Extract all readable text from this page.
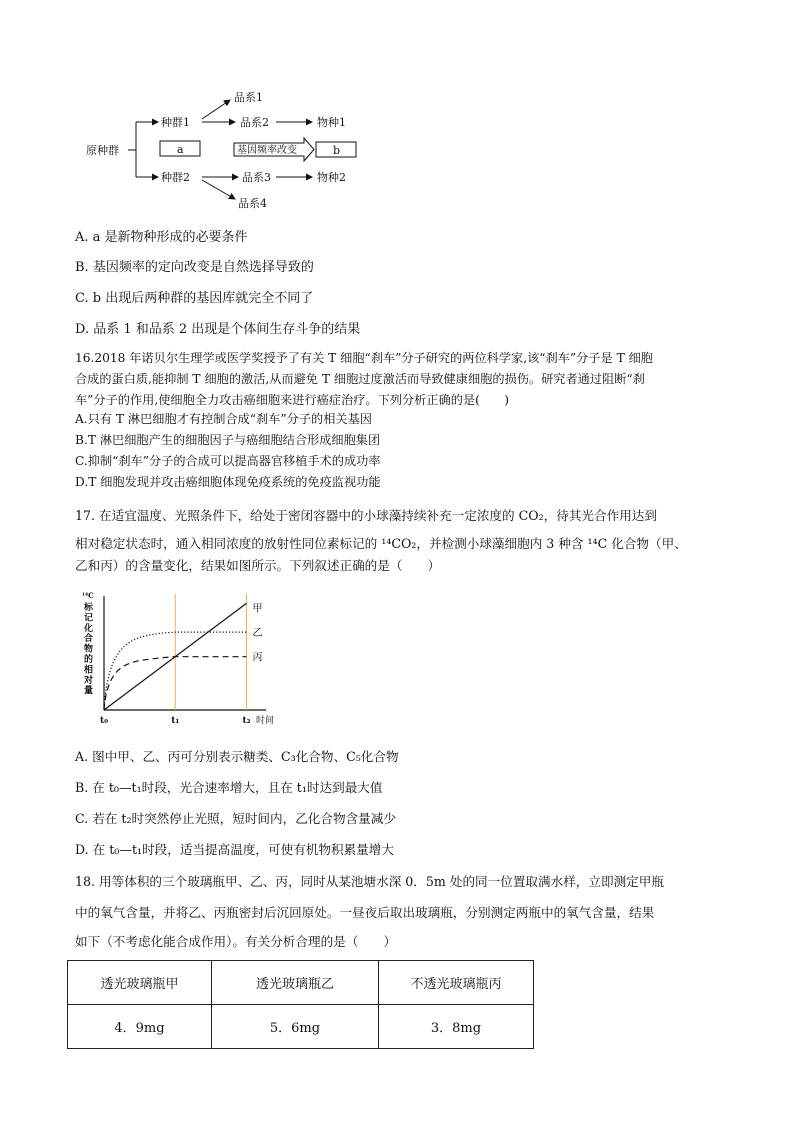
原种群
种群1
种群2
a	b
基因频率改变
品系1
品系2
品系3
品系4
物种1
物种2
A. a 是新物种形成的必要条件
B. 基因频率的定向改变是自然选择导致的
C. b 出现后两种群的基因库就完全不同了
D. 品系 1 和品系 2 出现是个体间生存斗争的结果
16.2018 年诺贝尔生理学或医学奖授予了有关 T 细胞“刹车”分子研究的两位科学家,该“刹车”分子是 T 细胞
合成的蛋白质,能抑制 T 细胞的激活,从而避免 T 细胞过度激活而导致健康细胞的损伤。研究者通过阻断“刹
车”分子的作用,使细胞全力攻击癌细胞来进行癌症治疗。下列分析正确的是(　　)
A.只有 T 淋巴细胞才有控制合成“刹车”分子的相关基因
B.T 淋巴细胞产生的细胞因子与癌细胞结合形成细胞集团
C.抑制“刹车”分子的合成可以提高器官移植手术的成功率
D.T 细胞发现并攻击癌细胞体现免疫系统的免疫监视功能
17. 在适宜温度、光照条件下，给处于密闭容器中的小球藻持续补充一定浓度的 CO₂，待其光合作用达到
相对稳定状态时，通入相同浓度的放射性同位素标记的 ¹⁴CO₂，并检测小球藻细胞内 3 种含 ¹⁴C 化合物（甲、
乙和丙）的含量变化，结果如图所示。下列叙述正确的是（　　）
¹⁴C
标
记
化
合
物
的
相
对
量
t₀	t₁	t₂ 时间
甲
乙
丙
A. 图中甲、乙、丙可分别表示糖类、C₃化合物、C₅化合物
B. 在 t₀—t₁时段，光合速率增大，且在 t₁时达到最大值
C. 若在 t₂时突然停止光照，短时间内，乙化合物含量减少
D. 在 t₀—t₁时段，适当提高温度，可使有机物积累量增大
18. 用等体积的三个玻璃瓶甲、乙、丙，同时从某池塘水深 0．5m 处的同一位置取满水样，立即测定甲瓶
中的氧气含量，并将乙、丙瓶密封后沉回原处。一昼夜后取出玻璃瓶，分别测定两瓶中的氧气含量，结果
如下（不考虑化能合成作用）。有关分析合理的是（　　）
透光玻璃瓶甲	透光玻璃瓶乙	不透光玻璃瓶丙
4．9mg	5．6mg	3．8mg
